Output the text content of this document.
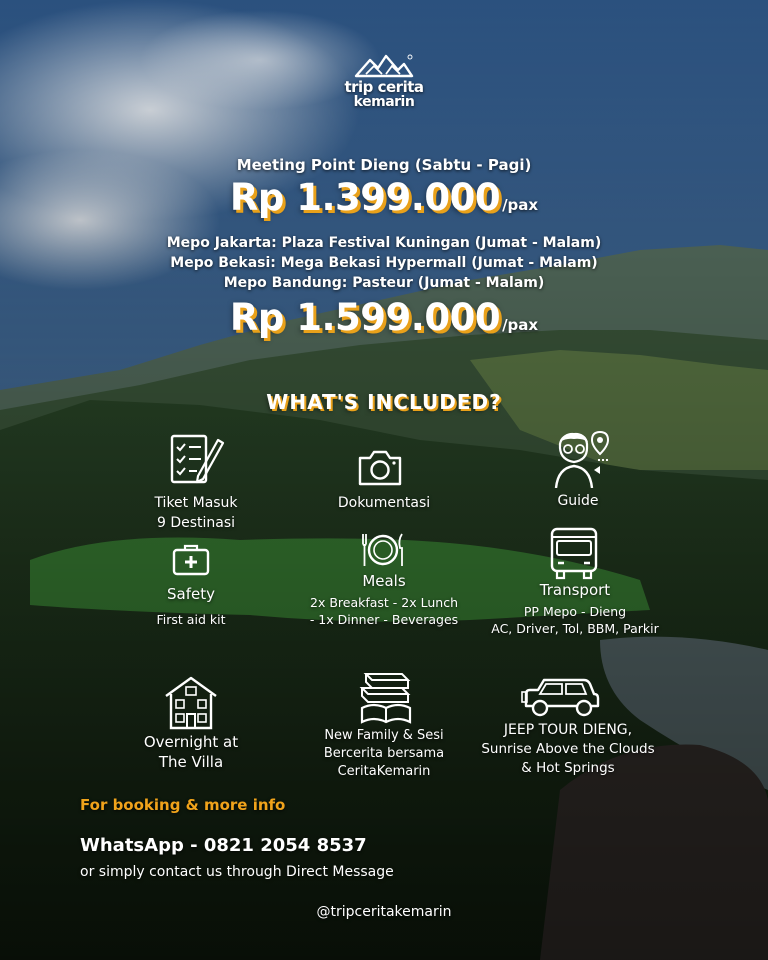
trip cerita
kemarin
Meeting Point Dieng (Sabtu - Pagi)
Rp 1.399.000 /pax
Mepo Jakarta: Plaza Festival Kuningan (Jumat - Malam)
Mepo Bekasi: Mega Bekasi Hypermall (Jumat - Malam)
Mepo Bandung: Pasteur (Jumat - Malam)
Rp 1.599.000 /pax
WHAT'S INCLUDED?
Tiket Masuk
9 Destinasi
Dokumentasi	Guide
Safety
First aid kit
Meals
2x Breakfast - 2x Lunch
- 1x Dinner - Beverages
Transport
PP Mepo - Dieng
AC, Driver, Tol, BBM, Parkir
Overnight at
The Villa
New Family & Sesi
Bercerita bersama
CeritaKemarin
JEEP TOUR DIENG,
Sunrise Above the Clouds
& Hot Springs
For booking & more info
WhatsApp - 0821 2054 8537
or simply contact us through Direct Message
@tripceritakemarin
